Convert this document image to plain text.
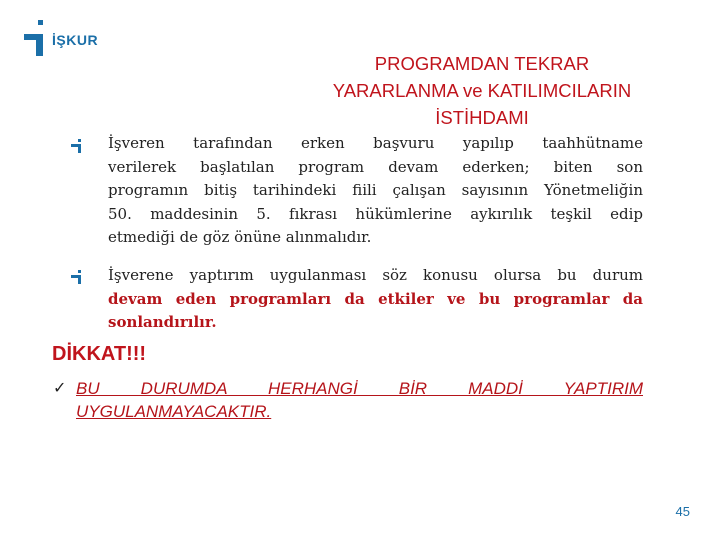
İŞKUR
PROGRAMDAN TEKRAR
YARARLANMA ve KATILIMCILARIN
İSTİHDAMI
İşveren tarafından erken başvuru yapılıp taahhütname
verilerek başlatılan program devam ederken; biten son
programın bitiş tarihindeki fiili çalışan sayısının Yönetmeliğin
50. maddesinin 5. fıkrası hükümlerine aykırılık teşkil edip
etmediği de göz önüne alınmalıdır.
İşverene yaptırım uygulanması söz konusu olursa bu durum
devam eden programları da etkiler ve bu programlar da
sonlandırılır.
DİKKAT!!!
✓ BU DURUMDA HERHANGİ BİR MADDİ YAPTIRIM
UYGULANMAYACAKTIR.
45
